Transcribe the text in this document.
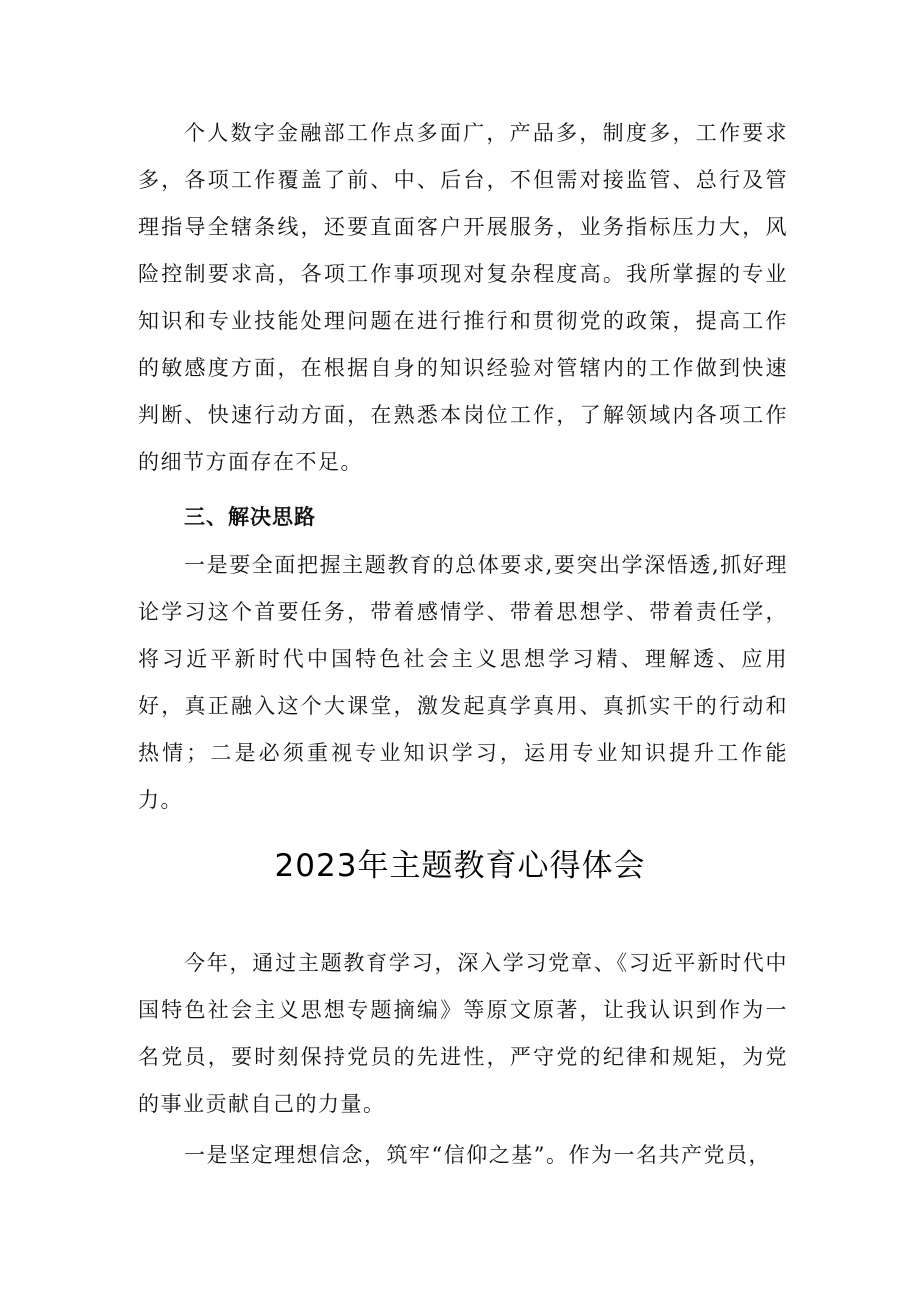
个人数字金融部工作点多面广，产品多，制度多，工作要求多，各项工作覆盖了前、中、后台，不但需对接监管、总行及管理指导全辖条线，还要直面客户开展服务，业务指标压力大，风险控制要求高，各项工作事项现对复杂程度高。我所掌握的专业知识和专业技能处理问题在进行推行和贯彻党的政策，提高工作的敏感度方面，在根据自身的知识经验对管辖内的工作做到快速判断、快速行动方面，在熟悉本岗位工作，了解领域内各项工作的细节方面存在不足。

三、解决思路

一是要全面把握主题教育的总体要求,要突出学深悟透,抓好理论学习这个首要任务，带着感情学、带着思想学、带着责任学，将习近平新时代中国特色社会主义思想学习精、理解透、应用好，真正融入这个大课堂，激发起真学真用、真抓实干的行动和热情；二是必须重视专业知识学习，运用专业知识提升工作能力。

2023年主题教育心得体会

今年，通过主题教育学习，深入学习党章、《习近平新时代中国特色社会主义思想专题摘编》等原文原著，让我认识到作为一名党员，要时刻保持党员的先进性，严守党的纪律和规矩，为党的事业贡献自己的力量。

一是坚定理想信念，筑牢“信仰之基”。作为一名共产党员，
